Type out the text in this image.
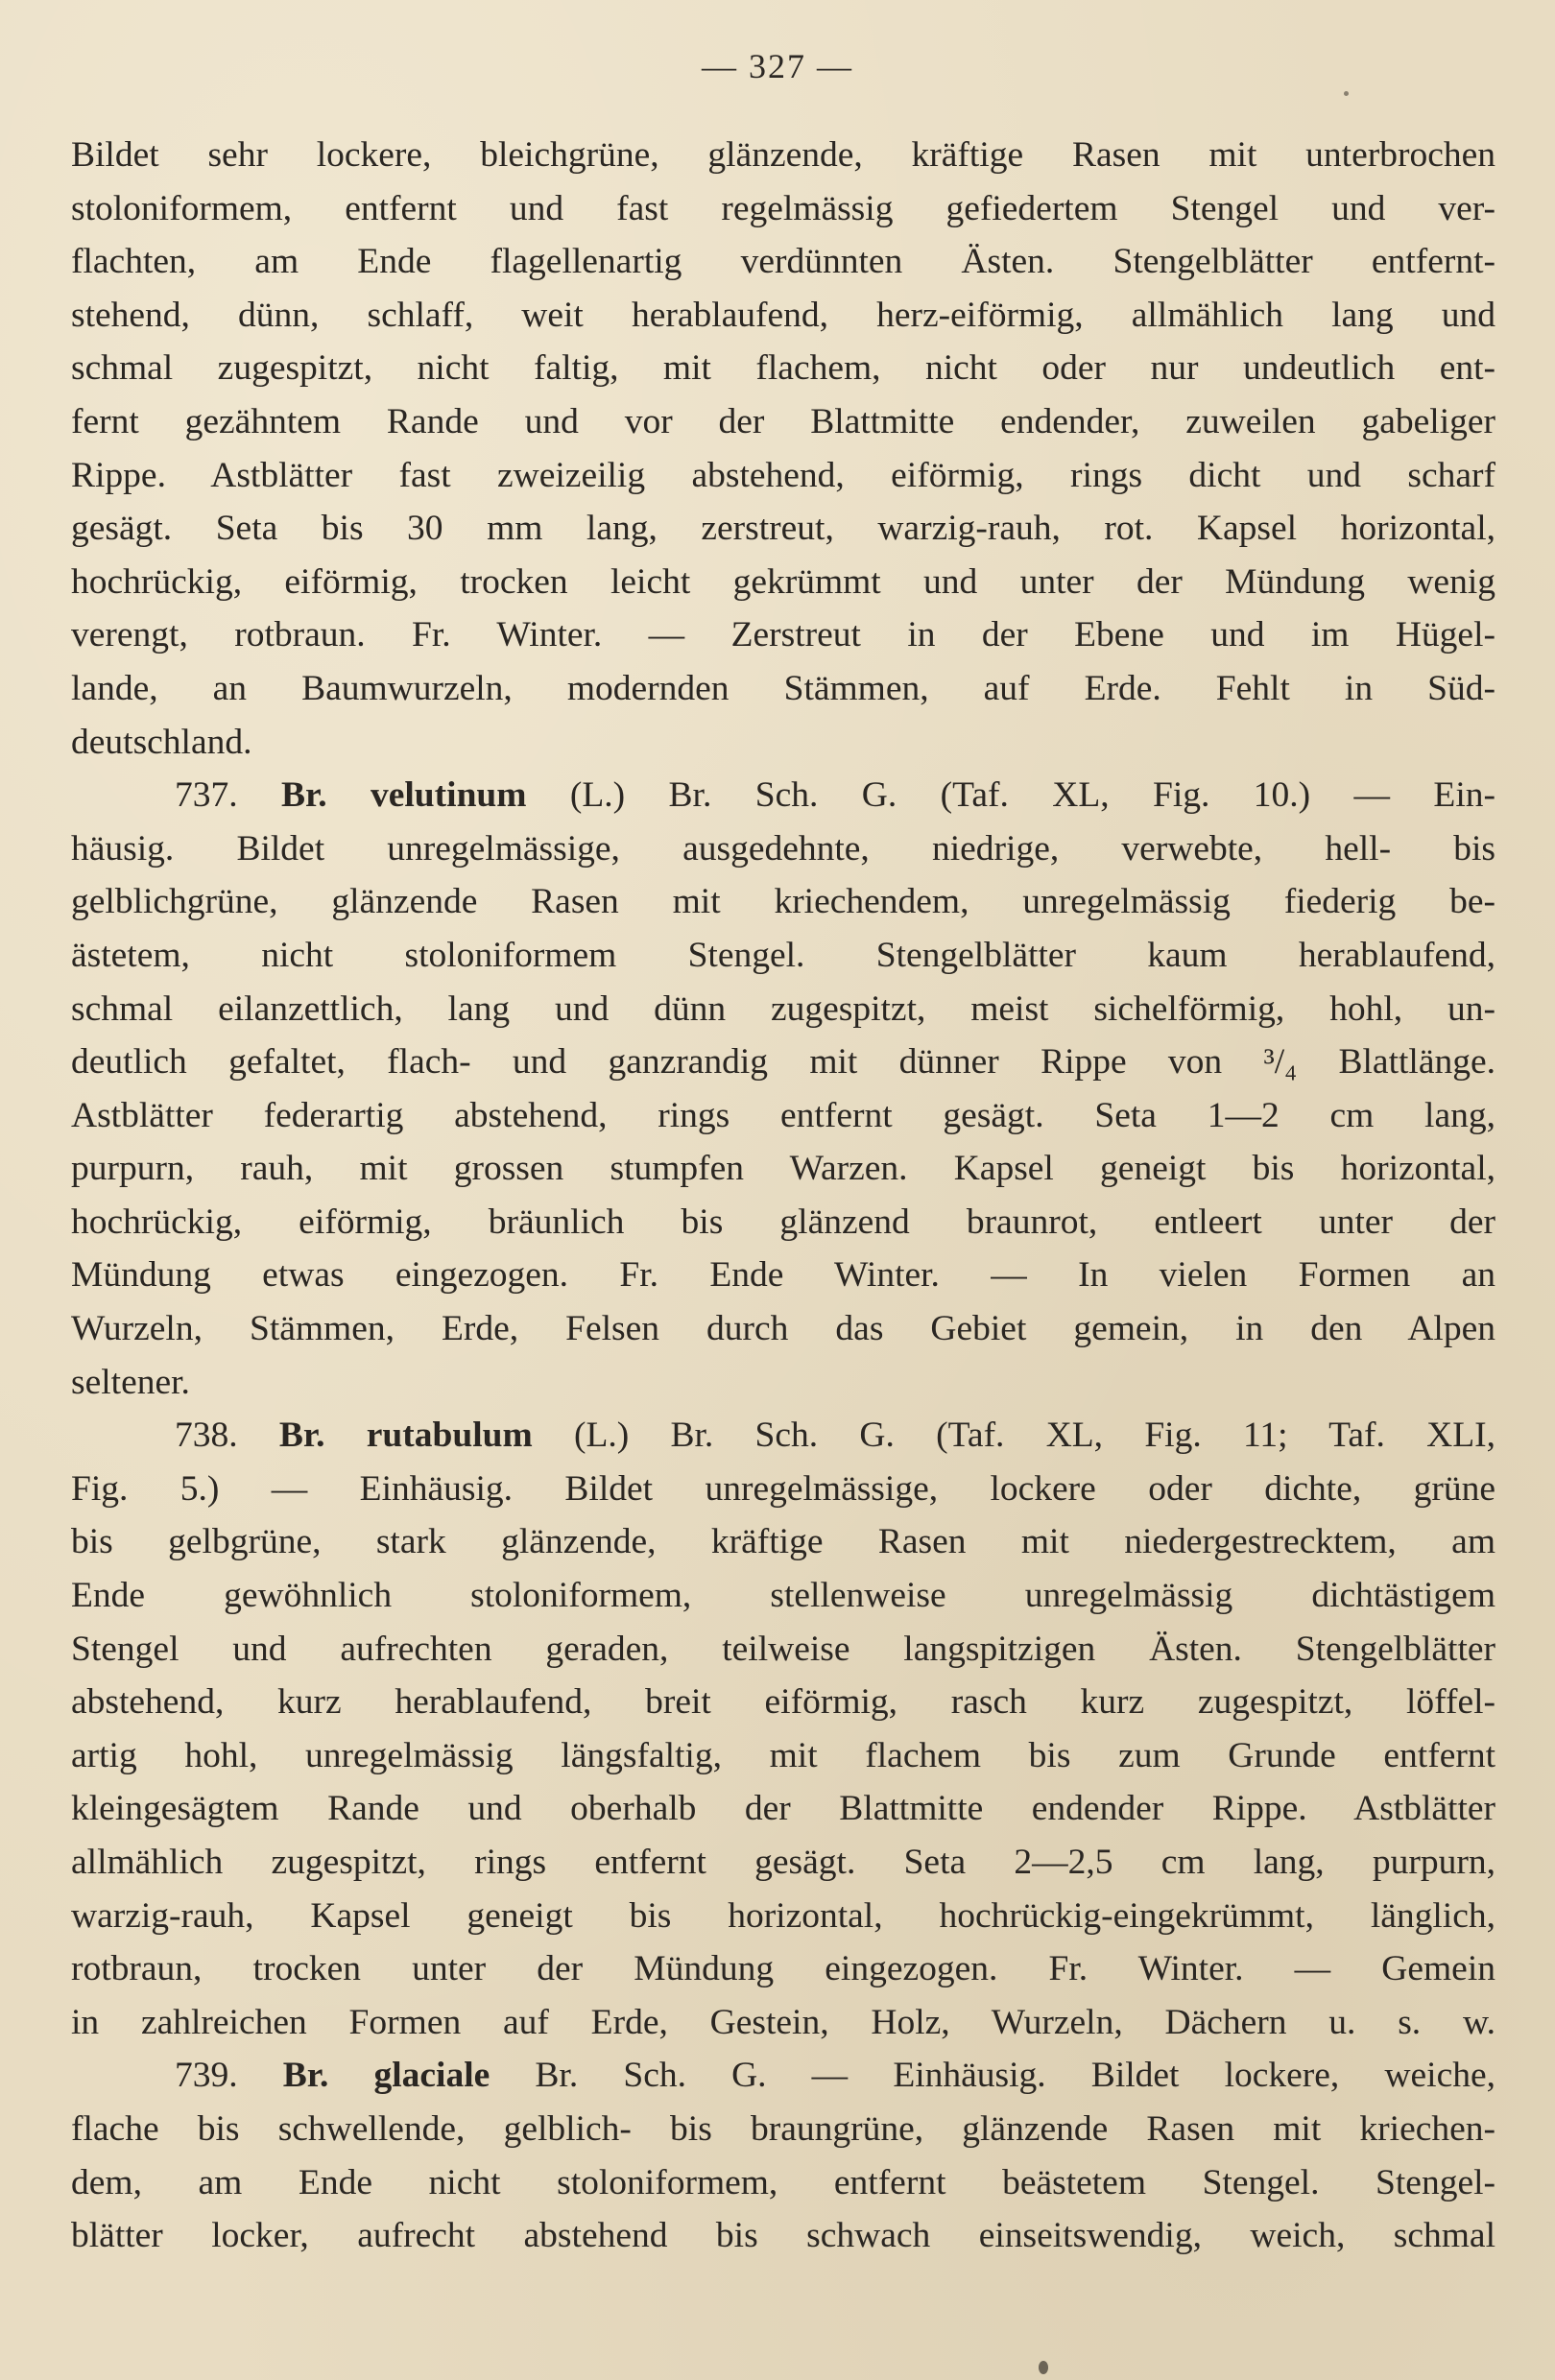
— 327 —
Bildet sehr lockere, bleichgrüne, glänzende, kräftige Rasen mit unterbrochen
stoloniformem, entfernt und fast regelmässig gefiedertem Stengel und ver-
flachten, am Ende flagellenartig verdünnten Ästen. Stengelblätter entfernt-
stehend, dünn, schlaff, weit herablaufend, herz-eiförmig, allmählich lang und
schmal zugespitzt, nicht faltig, mit flachem, nicht oder nur undeutlich ent-
fernt gezähntem Rande und vor der Blattmitte endender, zuweilen gabeliger
Rippe. Astblätter fast zweizeilig abstehend, eiförmig, rings dicht und scharf
gesägt. Seta bis 30 mm lang, zerstreut, warzig-rauh, rot. Kapsel horizontal,
hochrückig, eiförmig, trocken leicht gekrümmt und unter der Mündung wenig
verengt, rotbraun. Fr. Winter. — Zerstreut in der Ebene und im Hügel-
lande, an Baumwurzeln, modernden Stämmen, auf Erde. Fehlt in Süd-
deutschland.
737. Br. velutinum (L.) Br. Sch. G. (Taf. XL, Fig. 10.) — Ein-
häusig. Bildet unregelmässige, ausgedehnte, niedrige, verwebte, hell- bis
gelblichgrüne, glänzende Rasen mit kriechendem, unregelmässig fiederig be-
ästetem, nicht stoloniformem Stengel. Stengelblätter kaum herablaufend,
schmal eilanzettlich, lang und dünn zugespitzt, meist sichelförmig, hohl, un-
deutlich gefaltet, flach- und ganzrandig mit dünner Rippe von ³/₄ Blattlänge.
Astblätter federartig abstehend, rings entfernt gesägt. Seta 1—2 cm lang,
purpurn, rauh, mit grossen stumpfen Warzen. Kapsel geneigt bis horizontal,
hochrückig, eiförmig, bräunlich bis glänzend braunrot, entleert unter der
Mündung etwas eingezogen. Fr. Ende Winter. — In vielen Formen an
Wurzeln, Stämmen, Erde, Felsen durch das Gebiet gemein, in den Alpen
seltener.
738. Br. rutabulum (L.) Br. Sch. G. (Taf. XL, Fig. 11; Taf. XLI,
Fig. 5.) — Einhäusig. Bildet unregelmässige, lockere oder dichte, grüne
bis gelbgrüne, stark glänzende, kräftige Rasen mit niedergestrecktem, am
Ende gewöhnlich stoloniformem, stellenweise unregelmässig dichtästigem
Stengel und aufrechten geraden, teilweise langspitzigen Ästen. Stengelblätter
abstehend, kurz herablaufend, breit eiförmig, rasch kurz zugespitzt, löffel-
artig hohl, unregelmässig längsfaltig, mit flachem bis zum Grunde entfernt
kleingesägtem Rande und oberhalb der Blattmitte endender Rippe. Astblätter
allmählich zugespitzt, rings entfernt gesägt. Seta 2—2,5 cm lang, purpurn,
warzig-rauh, Kapsel geneigt bis horizontal, hochrückig-eingekrümmt, länglich,
rotbraun, trocken unter der Mündung eingezogen. Fr. Winter. — Gemein
in zahlreichen Formen auf Erde, Gestein, Holz, Wurzeln, Dächern u. s. w.
739. Br. glaciale Br. Sch. G. — Einhäusig. Bildet lockere, weiche,
flache bis schwellende, gelblich- bis braungrüne, glänzende Rasen mit kriechen-
dem, am Ende nicht stoloniformem, entfernt beästetem Stengel. Stengel-
blätter locker, aufrecht abstehend bis schwach einseitswendig, weich, schmal
